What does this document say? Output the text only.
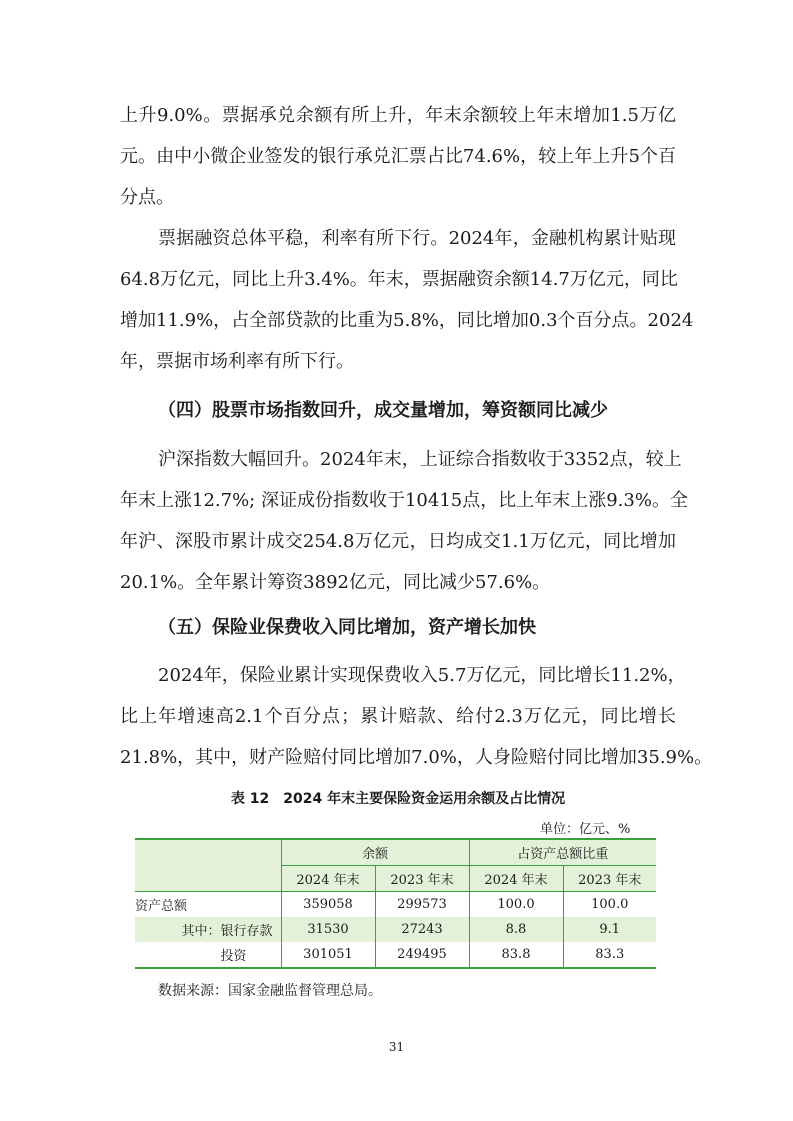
上升9.0%。票据承兑余额有所上升，年末余额较上年末增加1.5万亿
元。由中小微企业签发的银行承兑汇票占比74.6%，较上年上升5个百
分点。
票据融资总体平稳，利率有所下行。2024年，金融机构累计贴现
64.8万亿元，同比上升3.4%。年末，票据融资余额14.7万亿元，同比
增加11.9%，占全部贷款的比重为5.8%，同比增加0.3个百分点。2024
年，票据市场利率有所下行。
（四）股票市场指数回升，成交量增加，筹资额同比减少
沪深指数大幅回升。2024年末，上证综合指数收于3352点，较上
年末上涨12.7%; 深证成份指数收于10415点，比上年末上涨9.3%。全
年沪、深股市累计成交254.8万亿元，日均成交1.1万亿元，同比增加
20.1%。全年累计筹资3892亿元，同比减少57.6%。
（五）保险业保费收入同比增加，资产增长加快
2024年，保险业累计实现保费收入5.7万亿元，同比增长11.2%，
比上年增速高2.1个百分点；累计赔款、给付2.3万亿元，同比增长
21.8%，其中，财产险赔付同比增加7.0%，人身险赔付同比增加35.9%。
表 12　2024 年末主要保险资金运用余额及占比情况
单位：亿元、%
	余额		占资产总额比重	
	2024 年末	2023 年末	2024 年末	2023 年末
资产总额	359058	299573	100.0	100.0
其中：银行存款	31530	27243	8.8	9.1
投资	301051	249495	83.8	83.3
数据来源：国家金融监督管理总局。
31
